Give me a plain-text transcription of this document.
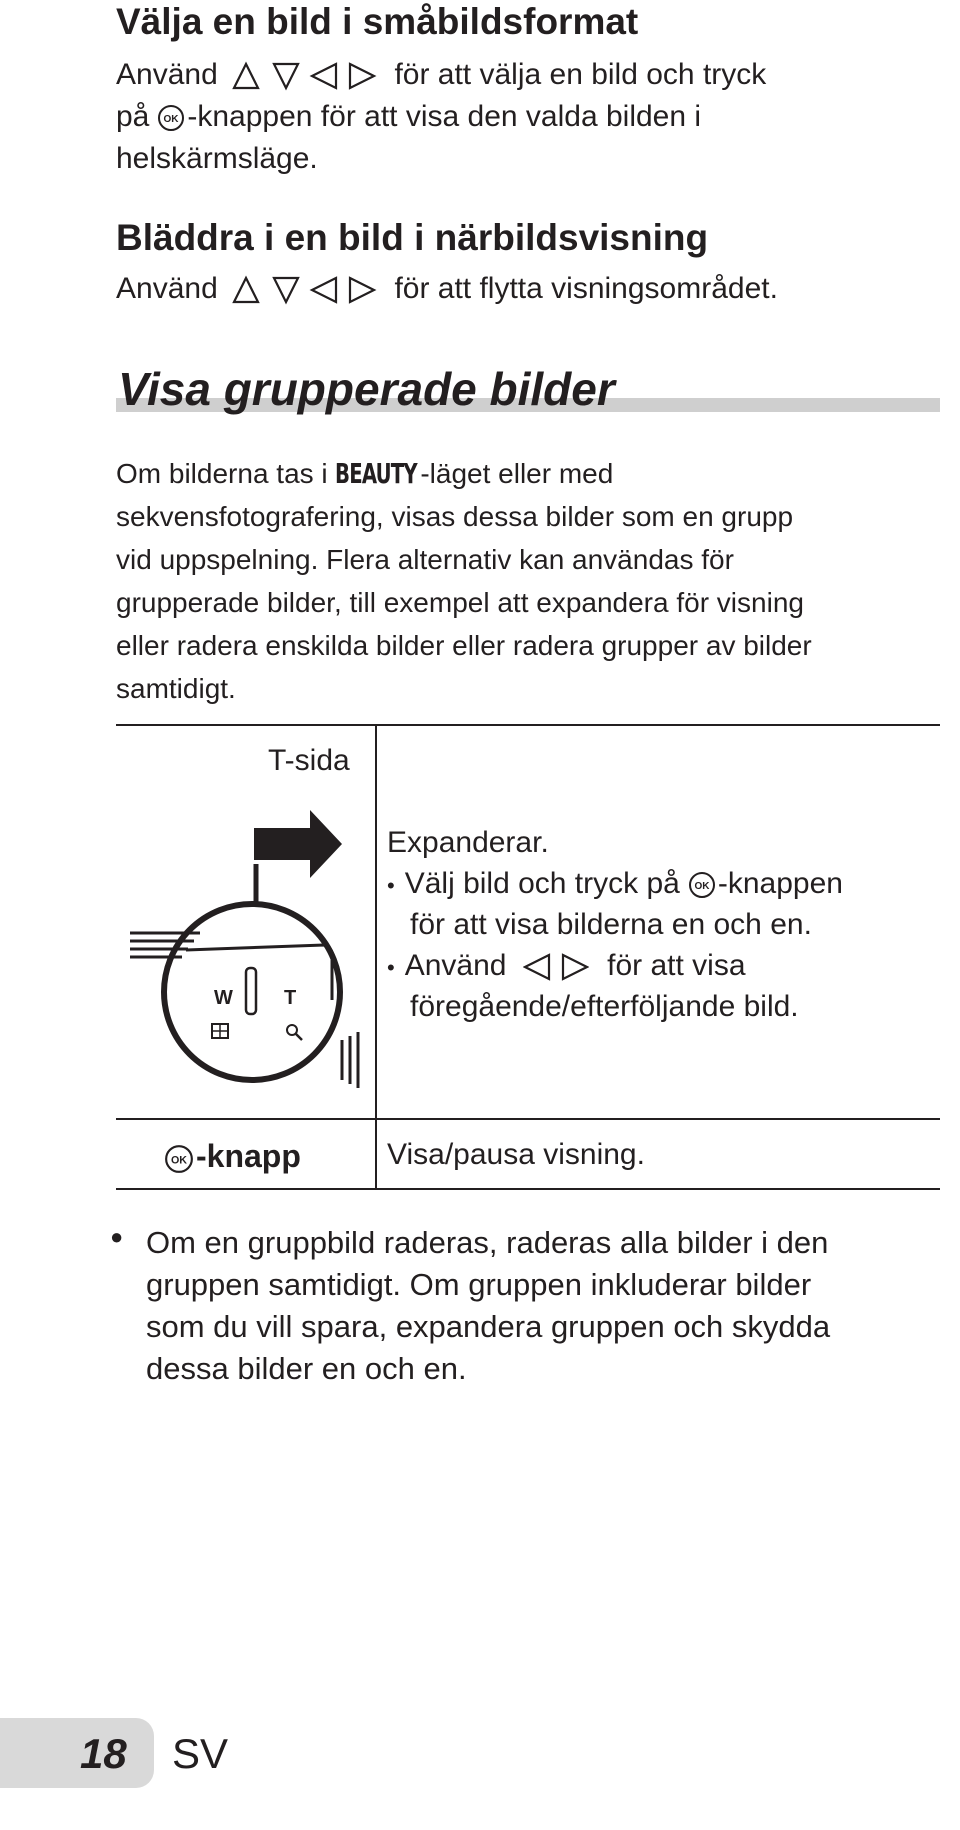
Välja en bild i småbildsformat
Använd	för att välja en bild och tryck
på -knappen för att visa den valda bilden i
helskärmsläge.
Bläddra i en bild i närbildsvisning
Använd	för att flytta visningsområdet.
Visa grupperade bilder
Om bilderna tas i BEAUTY -läget eller med
sekvensfotografering, visas dessa bilder som en grupp
vid uppspelning. Flera alternativ kan användas för
grupperade bilder, till exempel att expandera för visning
eller radera enskilda bilder eller radera grupper av bilder
samtidigt.
T-sida
W	T
Expanderar.
• Välj bild och tryck på -knappen
för att visa bilderna en och en.
• Använd	för att visa
föregående/efterföljande bild.
-knapp	Visa/pausa visning.
● Om en gruppbild raderas, raderas alla bilder i den
gruppen samtidigt. Om gruppen inkluderar bilder
som du vill spara, expandera gruppen och skydda
dessa bilder en och en.
18 SV
